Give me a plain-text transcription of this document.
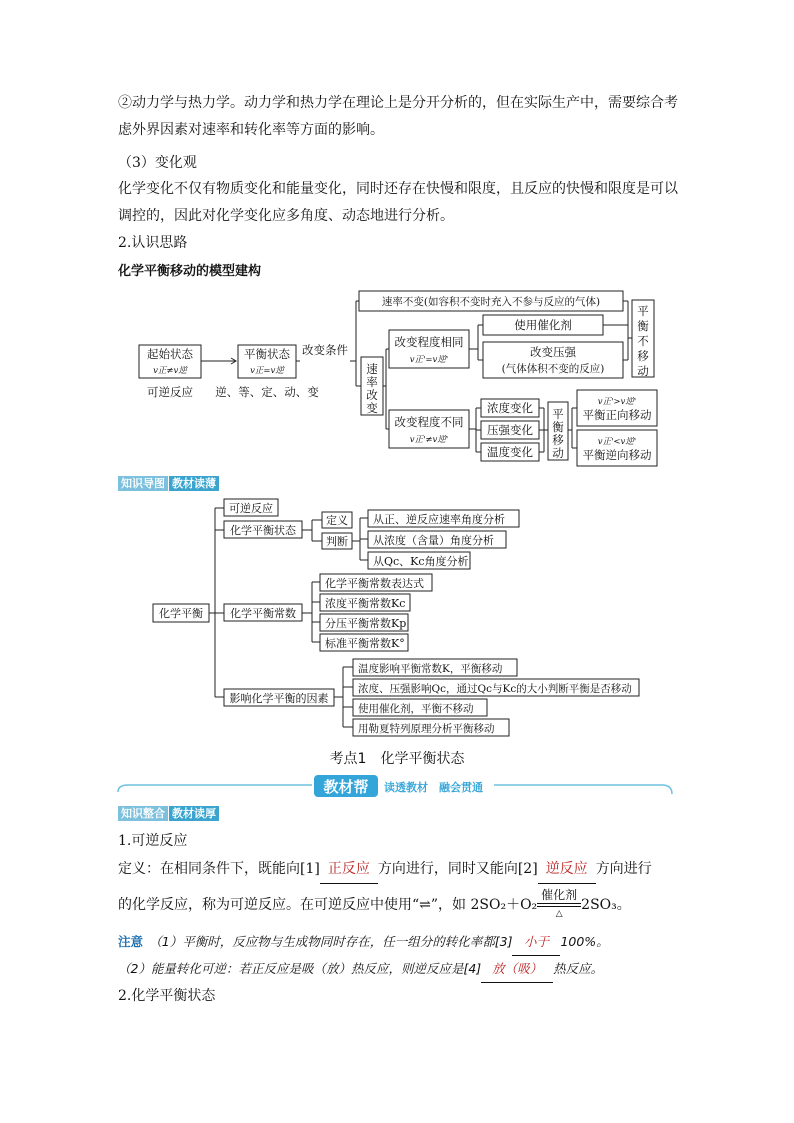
②动力学与热力学。动力学和热力学在理论上是分开分析的，但在实际生产中，需要综合考虑外界因素对速率和转化率等方面的影响。

（3）变化观

化学变化不仅有物质变化和能量变化，同时还存在快慢和限度，且反应的快慢和限度是可以调控的，因此对化学变化应多角度、动态地进行分析。

2.认识思路

化学平衡移动的模型建构

起始状态
v正≠v逆
可逆反应
平衡状态
v正=v逆
逆、等、定、动、变
改变条件
速率不变(如容积不变时充入不参与反应的气体)
改变程度相同
v正'=v逆'
使用催化剂
改变压强
(气体体积不变的反应)
改变程度不同
v正'≠v逆'
浓度变化
压强变化
温度变化
v正'>v逆'
平衡正向移动
v正'<v逆'
平衡逆向移动
速
率
改
变
平
衡
不
移
动
平
衡
移
动
知识导图 教材读薄
化学平衡
可逆反应
化学平衡状态
定义
判断
从正、逆反应速率角度分析
从浓度（含量）角度分析
从Qc、Kc角度分析
化学平衡常数
化学平衡常数表达式
浓度平衡常数Kc
分压平衡常数Kp
标准平衡常数K°
影响化学平衡的因素
温度影响平衡常数K，平衡移动
浓度、压强影响Qc，通过Qc与Kc的大小判断平衡是否移动
使用催化剂，平衡不移动
用勒夏特列原理分析平衡移动
考点1　化学平衡状态
教材帮 读透教材　融会贯通
知识整合 教材读厚

1.可逆反应

定义：在相同条件下，既能向[1] 正反应 方向进行，同时又能向[2] 逆反应 方向进行

的化学反应，称为可逆反应。在可逆反应中使用“⇌”，如 2SO₂＋O₂
催化剂
△
2SO₃。

注意　 （1）平衡时，反应物与生成物同时存在，任一组分的转化率都[3] 小于 100%。

（2）能量转化可逆：若正反应是吸（放）热反应，则逆反应是[4] 放（吸） 热反应。

2.化学平衡状态
